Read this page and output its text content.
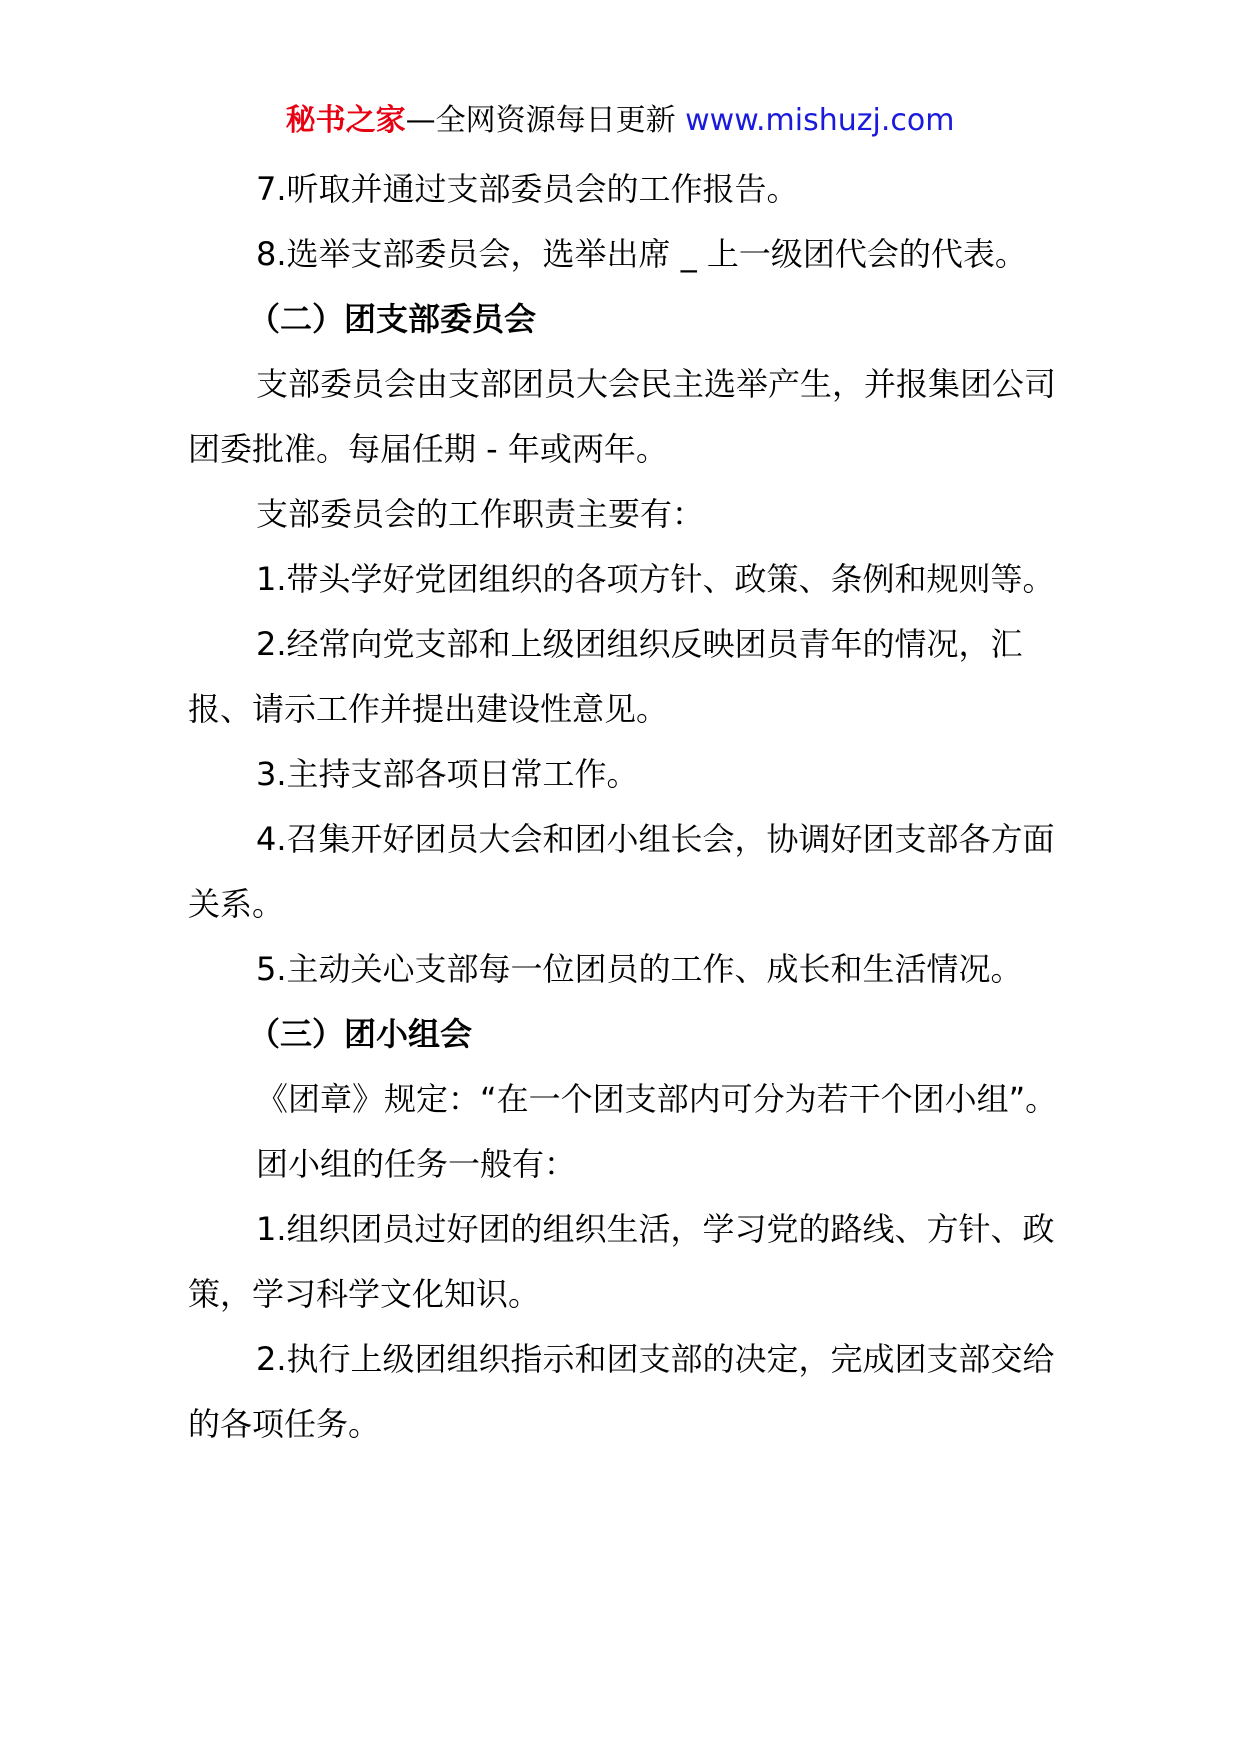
秘书之家—全网资源每日更新 www.mishuzj.com

7.听取并通过支部委员会的工作报告。

8.选举支部委员会，选举出席 _ 上一级团代会的代表。

（二）团支部委员会

支部委员会由支部团员大会民主选举产生，并报集团公司团委批准。每届任期 - 年或两年。

支部委员会的工作职责主要有：

1.带头学好党团组织的各项方针、政策、条例和规则等。

2.经常向党支部和上级团组织反映团员青年的情况，汇报、请示工作并提出建设性意见。

3.主持支部各项日常工作。

4.召集开好团员大会和团小组长会，协调好团支部各方面关系。

5.主动关心支部每一位团员的工作、成长和生活情况。

（三）团小组会

《团章》规定：“在一个团支部内可分为若干个团小组”。

团小组的任务一般有：

1.组织团员过好团的组织生活，学习党的路线、方针、政策，学习科学文化知识。

2.执行上级团组织指示和团支部的决定，完成团支部交给的各项任务。
